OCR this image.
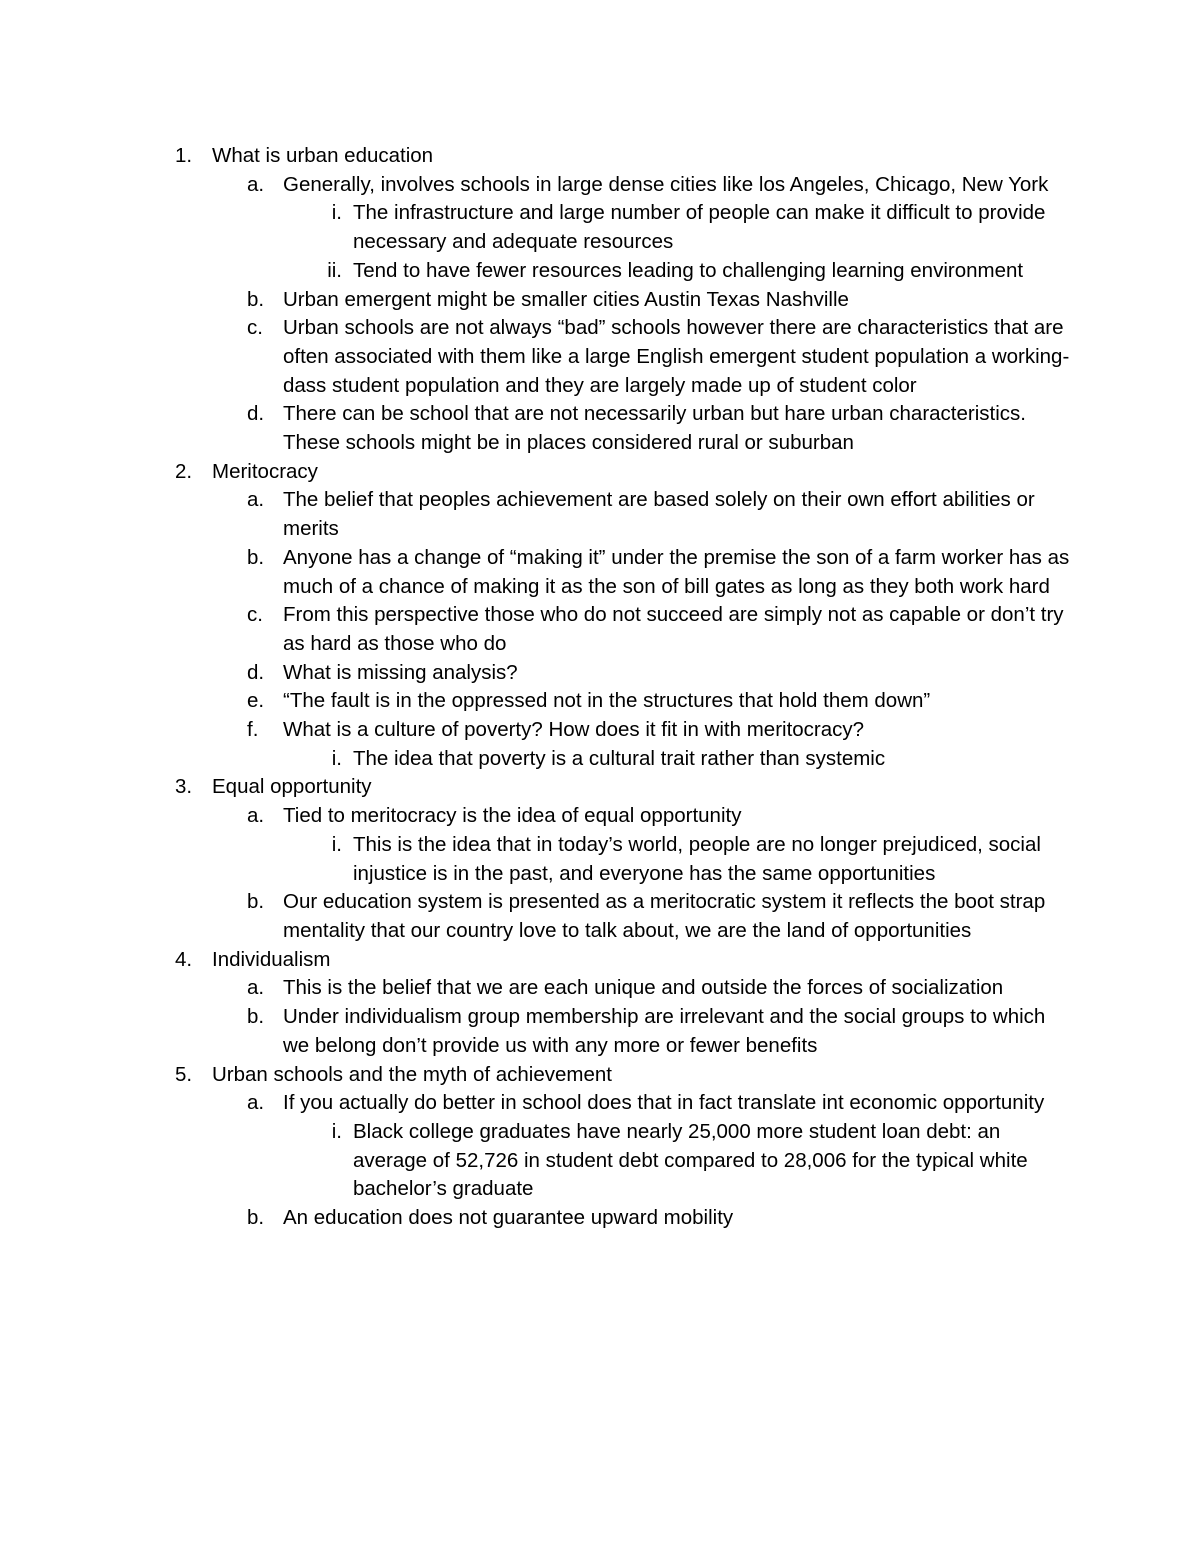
1. What is urban education
a. Generally, involves schools in large dense cities like los Angeles, Chicago, New York
i. The infrastructure and large number of people can make it difficult to provide necessary and adequate resources
ii. Tend to have fewer resources leading to challenging learning environment
b. Urban emergent might be smaller cities Austin Texas Nashville
c. Urban schools are not always “bad” schools however there are characteristics that are often associated with them like a large English emergent student population a working-dass student population and they are largely made up of student color
d. There can be school that are not necessarily urban but hare urban characteristics. These schools might be in places considered rural or suburban
2. Meritocracy
a. The belief that peoples achievement are based solely on their own effort abilities or merits
b. Anyone has a change of “making it” under the premise the son of a farm worker has as much of a chance of making it as the son of bill gates as long as they both work hard
c. From this perspective those who do not succeed are simply not as capable or don’t try as hard as those who do
d. What is missing analysis?
e. “The fault is in the oppressed not in the structures that hold them down”
f. What is a culture of poverty? How does it fit in with meritocracy?
i. The idea that poverty is a cultural trait rather than systemic
3. Equal opportunity
a. Tied to meritocracy is the idea of equal opportunity
i. This is the idea that in today’s world, people are no longer prejudiced, social injustice is in the past, and everyone has the same opportunities
b. Our education system is presented as a meritocratic system it reflects the boot strap mentality that our country love to talk about, we are the land of opportunities
4. Individualism
a. This is the belief that we are each unique and outside the forces of socialization
b. Under individualism group membership are irrelevant and the social groups to which we belong don’t provide us with any more or fewer benefits
5. Urban schools and the myth of achievement
a. If you actually do better in school does that in fact translate int economic opportunity
i. Black college graduates have nearly 25,000 more student loan debt: an average of 52,726 in student debt compared to 28,006 for the typical white bachelor’s graduate
b. An education does not guarantee upward mobility
